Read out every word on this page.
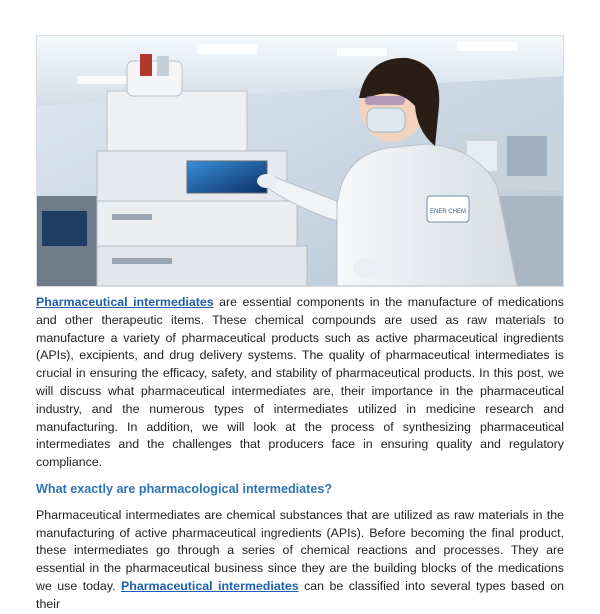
ENER CHEM

Pharmaceutical intermediates are essential components in the manufacture of medications and other therapeutic items. These chemical compounds are used as raw materials to manufacture a variety of pharmaceutical products such as active pharmaceutical ingredients (APIs), excipients, and drug delivery systems. The quality of pharmaceutical intermediates is crucial in ensuring the efficacy, safety, and stability of pharmaceutical products. In this post, we will discuss what pharmaceutical intermediates are, their importance in the pharmaceutical industry, and the numerous types of intermediates utilized in medicine research and manufacturing. In addition, we will look at the process of synthesizing pharmaceutical intermediates and the challenges that producers face in ensuring quality and regulatory compliance.

What exactly are pharmacological intermediates?

Pharmaceutical intermediates are chemical substances that are utilized as raw materials in the manufacturing of active pharmaceutical ingredients (APIs). Before becoming the final product, these intermediates go through a series of chemical reactions and processes. They are essential in the pharmaceutical business since they are the building blocks of the medications we use today. Pharmaceutical intermediates can be classified into several types based on their
